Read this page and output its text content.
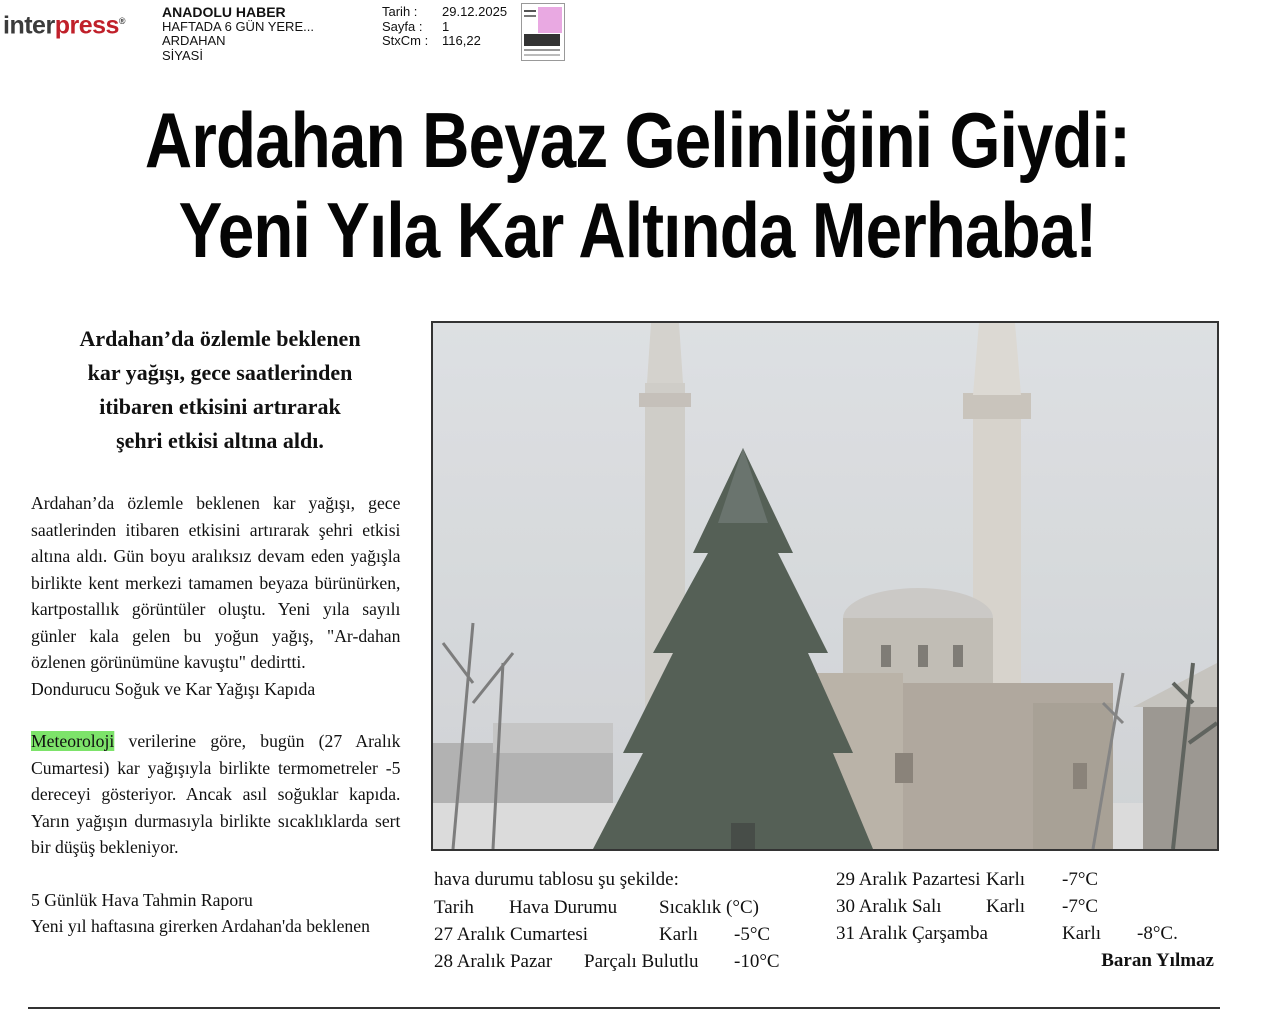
interpress®
ANADOLU HABER
HAFTADA 6 GÜN YERE...
ARDAHAN
SİYASİ
Tarih :	29.12.2025
Sayfa :	1
StxCm :	116,22
Ardahan Beyaz Gelinliğini Giydi:
Yeni Yıla Kar Altında Merhaba!
Ardahan’da özlemle beklenen
kar yağışı, gece saatlerinden
itibaren etkisini artırarak
şehri etkisi altına aldı.

Ardahan’da özlemle beklenen kar yağışı, gece saatlerinden itibaren etkisini artırarak şehri etkisi altına aldı. Gün boyu aralıksız devam eden yağışla birlikte kent merkezi tamamen beyaza bürünürken, kartpostallık görüntüler oluştu. Yeni yıla sayılı günler kala gelen bu yoğun yağış, "Ar-dahan özlenen görünümüne kavuştu" dedirtti.
Dondurucu Soğuk ve Kar Yağışı Kapıda

Meteoroloji verilerine göre, bugün (27 Aralık Cumartesi) kar yağışıyla birlikte termometreler -5 dereceyi gösteriyor. Ancak asıl soğuklar kapıda. Yarın yağışın durmasıyla birlikte sıcaklıklarda sert bir düşüş bekleniyor.

5 Günlük Hava Tahmin Raporu
Yeni yıl haftasına girerken Ardahan'da beklenen

hava durumu tablosu şu şekilde:
Tarih Hava Durumu Sıcaklık (°C)
27 Aralık Cumartesi	Karlı -5°C
28 Aralık Pazar Parçalı Bulutlu -10°C
29 Aralık Pazartesi Karlı -7°C
30 Aralık Salı Karlı -7°C
31 Aralık Çarşamba	Karlı -8°C.
Baran Yılmaz
